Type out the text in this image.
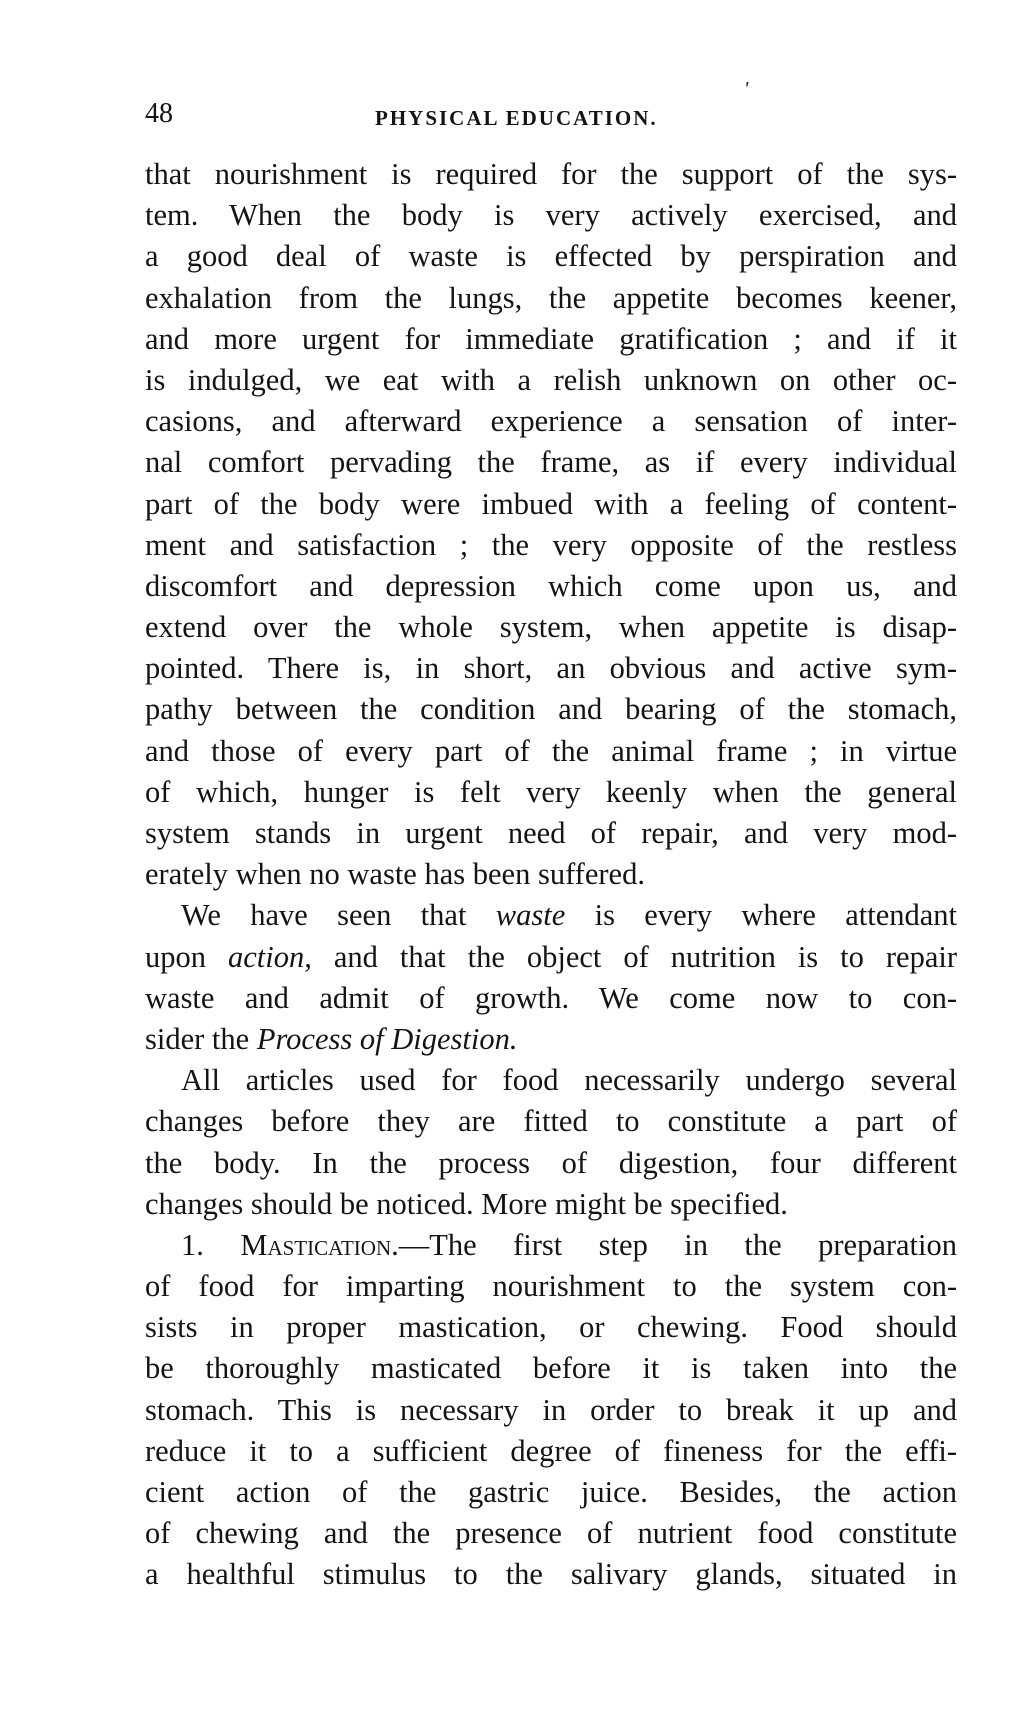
'
48	PHYSICAL EDUCATION.
that nourishment is required for the support of the sys-
tem. When the body is very actively exercised, and
a good deal of waste is effected by perspiration and
exhalation from the lungs, the appetite becomes keener,
and more urgent for immediate gratification ; and if it
is indulged, we eat with a relish unknown on other oc-
casions, and afterward experience a sensation of inter-
nal comfort pervading the frame, as if every individual
part of the body were imbued with a feeling of content-
ment and satisfaction ; the very opposite of the restless
discomfort and depression which come upon us, and
extend over the whole system, when appetite is disap-
pointed. There is, in short, an obvious and active sym-
pathy between the condition and bearing of the stomach,
and those of every part of the animal frame ; in virtue
of which, hunger is felt very keenly when the general
system stands in urgent need of repair, and very mod-
erately when no waste has been suffered.
We have seen that waste is every where attendant
upon action, and that the object of nutrition is to repair
waste and admit of growth. We come now to con-
sider the Process of Digestion.
All articles used for food necessarily undergo several
changes before they are fitted to constitute a part of
the body. In the process of digestion, four different
changes should be noticed. More might be specified.
1. Mastication.—The first step in the preparation
of food for imparting nourishment to the system con-
sists in proper mastication, or chewing. Food should
be thoroughly masticated before it is taken into the
stomach. This is necessary in order to break it up and
reduce it to a sufficient degree of fineness for the effi-
cient action of the gastric juice. Besides, the action
of chewing and the presence of nutrient food constitute
a healthful stimulus to the salivary glands, situated in
